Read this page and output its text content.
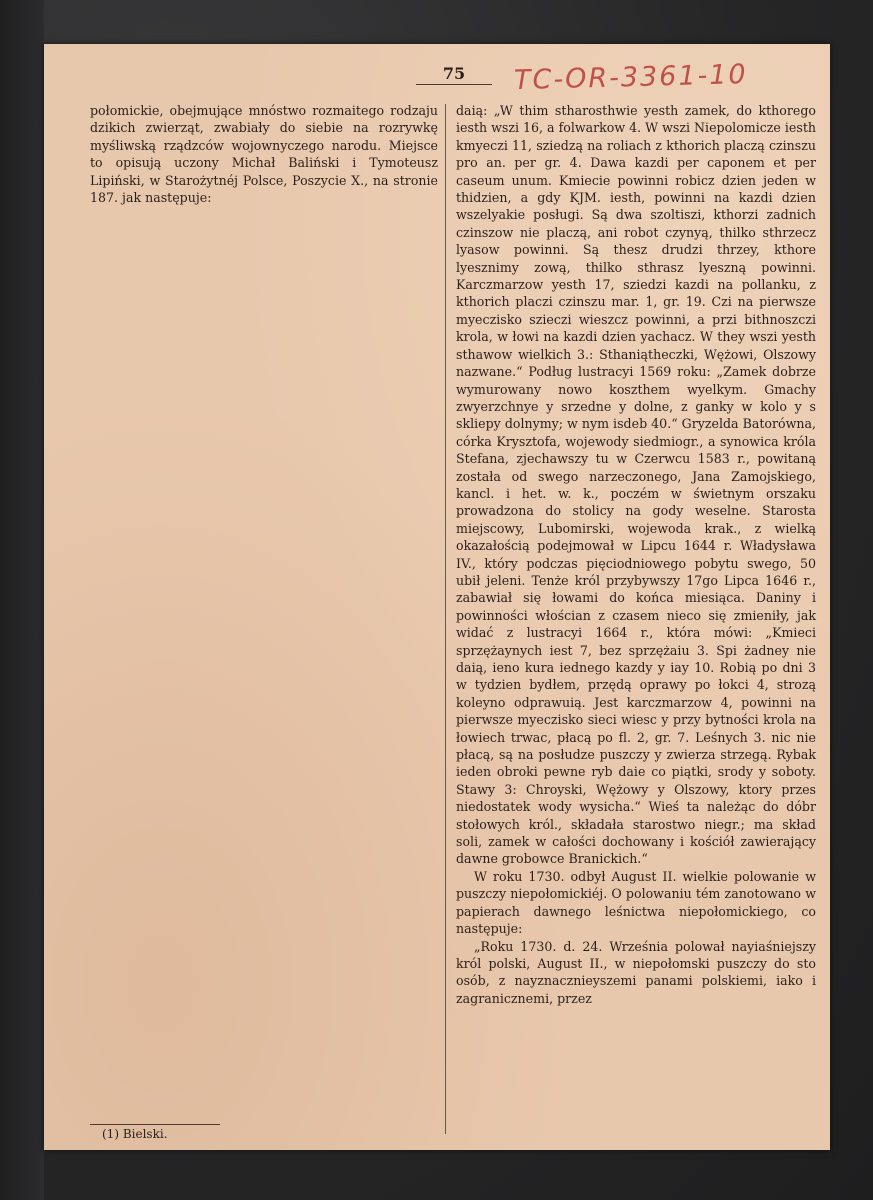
75	TC-OR-3361-10

połomickie, obejmujące mnóstwo rozmaitego rodzaju dzikich zwierząt, zwabiały do siebie na rozrywkę myśliwską rządzców wojownyczego narodu. Miejsce to opisują uczony Michał Baliński i Tymoteusz Lipiński, w Starożytnéj Polsce, Poszycie X., na stronie 187. jak następuje:

daią: „W thim stharosthwie yesth zamek, do kthorego iesth wszi 16, a folwarkow 4. W wszi Niepolomicze iesth kmyeczi 11, sziedzą na roliach z kthorich placzą czinszu pro an. per gr. 4. Dawa kazdi per caponem et per caseum unum. Kmiecie powinni robicz dzien jeden w thidzien, a gdy KJM. iesth, powinni na kazdi dzien wszelyakie posługi. Są dwa szoltiszi, kthorzi zadnich czinszow nie placzą, ani robot czynyą, thilko sthrzecz lyasow powinni. Są thesz drudzi thrzey, kthore lyesznimy zową, thilko sthrasz lyeszną powinni. Karczmarzow yesth 17, sziedzi kazdi na pollanku, z kthorich placzi czinszu mar. 1, gr. 19. Czi na pierwsze myeczisko szieczi wieszcz powinni, a przi bithnoszczi krola, w łowi na kazdi dzien yachacz. W they wszi yesth sthawow wielkich 3.: Sthaniątheczki, Wężowi, Olszowy nazwane.“ Podług lustracyi 1569 roku: „Zamek dobrze wymurowany nowo koszthem wyelkym. Gmachy zwyerzchnye y srzedne y dolne, z ganky w kolo y s skliepy dolnymy; w nym isdeb 40.“ Gryzelda Batorówna, córka Krysztofa, wojewody siedmiogr., a synowica króla Stefana, zjechawszy tu w Czerwcu 1583 r., powitaną została od swego narzeczonego, Jana Zamojskiego, kancl. i het. w. k., poczém w świetnym orszaku prowadzona do stolicy na gody weselne. Starosta miejscowy, Lubomirski, wojewoda krak., z wielką okazałością podejmował w Lipcu 1644 r. Władysława IV., który podczas pięciodniowego pobytu swego, 50 ubił jeleni. Tenże król przybywszy 17go Lipca 1646 r., zabawiał się łowami do końca miesiąca. Daniny i powinności włościan z czasem nieco się zmieniły, jak widać z lustracyi 1664 r., która mówi: „Kmieci sprzężaynych iest 7, bez sprzężaiu 3. Spi żadney nie daią, ieno kura iednego kazdy y iay 10. Robią po dni 3 w tydzien bydłem, przędą oprawy po łokci 4, strozą koleyno odprawuią. Jest karczmarzow 4, powinni na pierwsze myeczisko sieci wiesc y przy bytności krola na łowiech trwac, płacą po fl. 2, gr. 7. Leśnych 3. nic nie płacą, są na posłudze puszczy y zwierza strzegą. Rybak ieden obroki pewne ryb daie co piątki, srody y soboty. Stawy 3: Chroyski, Wężowy y Olszowy, ktory przes niedostatek wody wysicha.“ Wieś ta należąc do dóbr stołowych król., składała starostwo niegr.; ma skład soli, zamek w całości dochowany i kościół zawierający dawne grobowce Branickich.“

W roku 1730. odbył August II. wielkie polowanie w puszczy niepołomickiéj. O polowaniu tém zanotowano w papierach dawnego leśnictwa niepołomickiego, co następuje:

„Roku 1730. d. 24. Września polował nayiaśniejszy król polski, August II., w niepołomski puszczy do sto osób, z nayznacznieyszemi panami polskiemi, iako i zagranicznemi, przez

(1) Bielski.
